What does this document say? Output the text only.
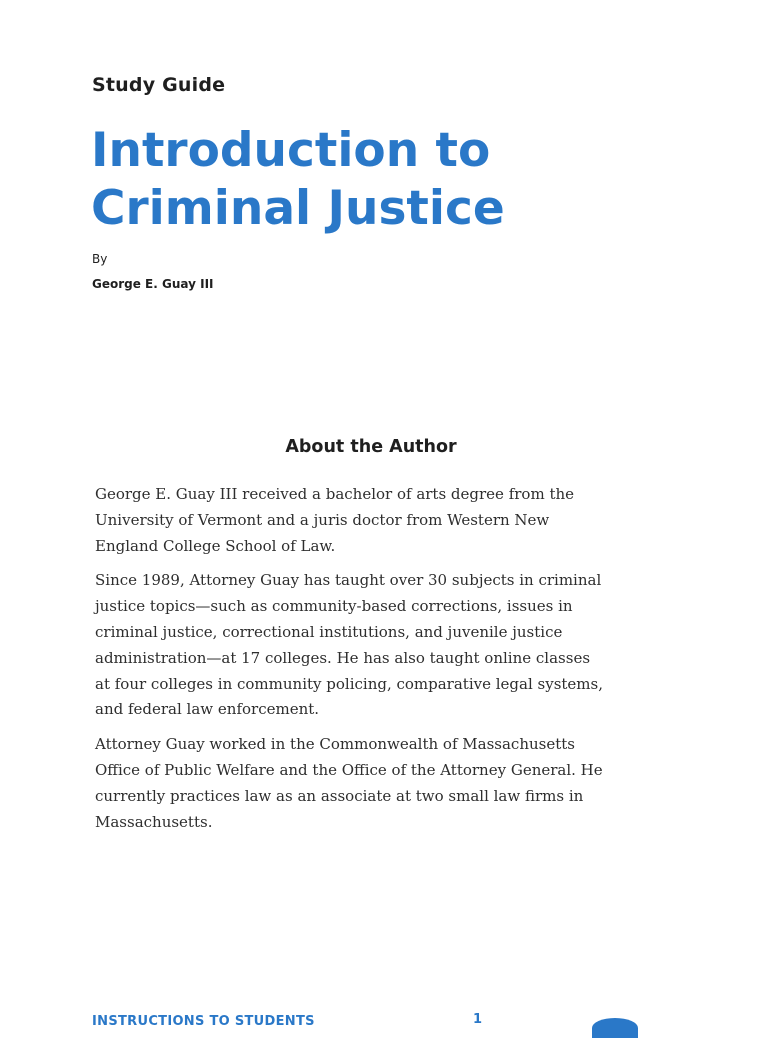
Study Guide
Introduction to
Criminal Justice
By
George E. Guay III
About the Author

George E. Guay III received a bachelor of arts degree from the
University of Vermont and a juris doctor from Western New
England College School of Law.

Since 1989, Attorney Guay has taught over 30 subjects in criminal
justice topics—such as community-based corrections, issues in
criminal justice, correctional institutions, and juvenile justice
administration—at 17 colleges. He has also taught online classes
at four colleges in community policing, comparative legal systems,
and federal law enforcement.

Attorney Guay worked in the Commonwealth of Massachusetts
Office of Public Welfare and the Office of the Attorney General. He
currently practices law as an associate at two small law firms in
Massachusetts.

INSTRUCTIONS TO STUDENTS	1
